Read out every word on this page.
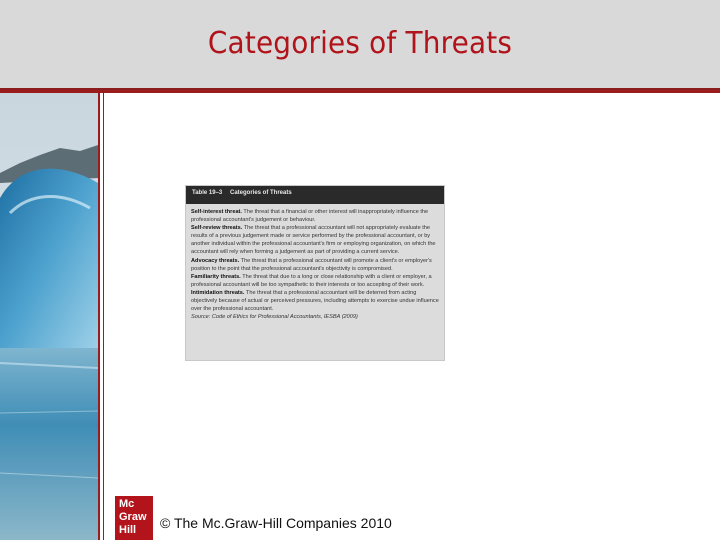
Categories of Threats
Table 19–3 Categories of Threats

Self-interest threat. The threat that a financial or other interest will inappropriately influence the professional accountant's judgement or behaviour.

Self-review threats. The threat that a professional accountant will not appropriately evaluate the results of a previous judgement made or service performed by the professional accountant, or by another individual within the professional accountant's firm or employing organization, on which the accountant will rely when forming a judgement as part of providing a current service.

Advocacy threats. The threat that a professional accountant will promote a client's or employer's position to the point that the professional accountant's objectivity is compromised.

Familiarity threats. The threat that due to a long or close relationship with a client or employer, a professional accountant will be too sympathetic to their interests or too accepting of their work.

Intimidation threats. The threat that a professional accountant will be deterred from acting objectively because of actual or perceived pressures, including attempts to exercise undue influence over the professional accountant.

Source: Code of Ethics for Professional Accountants, IESBA (2009)

Mc
Graw
Hill © The Mc.Graw-Hill Companies 2010
